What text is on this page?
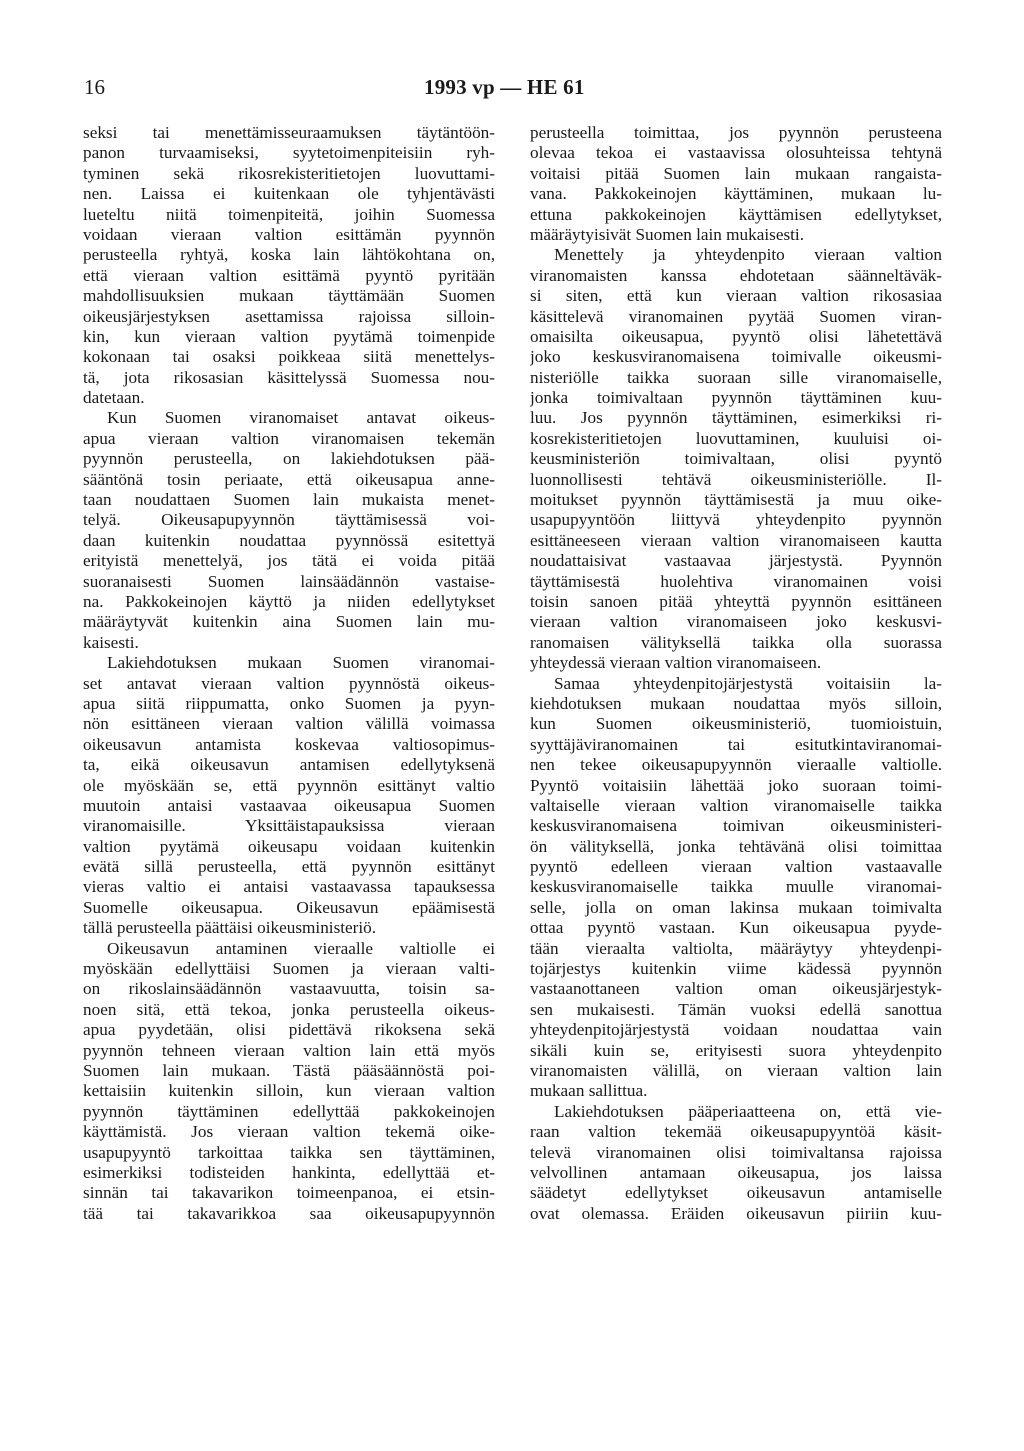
16	1993 vp — HE 61
seksi tai menettämisseuraamuksen täytäntöön-
panon turvaamiseksi, syytetoimenpiteisiin ryh-
tyminen sekä rikosrekisteritietojen luovuttami-
nen. Laissa ei kuitenkaan ole tyhjentävästi
lueteltu niitä toimenpiteitä, joihin Suomessa
voidaan vieraan valtion esittämän pyynnön
perusteella ryhtyä, koska lain lähtökohtana on,
että vieraan valtion esittämä pyyntö pyritään
mahdollisuuksien mukaan täyttämään Suomen
oikeusjärjestyksen asettamissa rajoissa silloin-
kin, kun vieraan valtion pyytämä toimenpide
kokonaan tai osaksi poikkeaa siitä menettelys-
tä, jota rikosasian käsittelyssä Suomessa nou-
datetaan.
Kun Suomen viranomaiset antavat oikeus-
apua vieraan valtion viranomaisen tekemän
pyynnön perusteella, on lakiehdotuksen pää-
sääntönä tosin periaate, että oikeusapua anne-
taan noudattaen Suomen lain mukaista menet-
telyä. Oikeusapupyynnön täyttämisessä voi-
daan kuitenkin noudattaa pyynnössä esitettyä
erityistä menettelyä, jos tätä ei voida pitää
suoranaisesti Suomen lainsäädännön vastaise-
na. Pakkokeinojen käyttö ja niiden edellytykset
määräytyvät kuitenkin aina Suomen lain mu-
kaisesti.
Lakiehdotuksen mukaan Suomen viranomai-
set antavat vieraan valtion pyynnöstä oikeus-
apua siitä riippumatta, onko Suomen ja pyyn-
nön esittäneen vieraan valtion välillä voimassa
oikeusavun antamista koskevaa valtiosopimus-
ta, eikä oikeusavun antamisen edellytyksenä
ole myöskään se, että pyynnön esittänyt valtio
muutoin antaisi vastaavaa oikeusapua Suomen
viranomaisille. Yksittäistapauksissa vieraan
valtion pyytämä oikeusapu voidaan kuitenkin
evätä sillä perusteella, että pyynnön esittänyt
vieras valtio ei antaisi vastaavassa tapauksessa
Suomelle oikeusapua. Oikeusavun epäämisestä
tällä perusteella päättäisi oikeusministeriö.
Oikeusavun antaminen vieraalle valtiolle ei
myöskään edellyttäisi Suomen ja vieraan valti-
on rikoslainsäädännön vastaavuutta, toisin sa-
noen sitä, että tekoa, jonka perusteella oikeus-
apua pyydetään, olisi pidettävä rikoksena sekä
pyynnön tehneen vieraan valtion lain että myös
Suomen lain mukaan. Tästä pääsäännöstä poi-
kettaisiin kuitenkin silloin, kun vieraan valtion
pyynnön täyttäminen edellyttää pakkokeinojen
käyttämistä. Jos vieraan valtion tekemä oike-
usapupyyntö tarkoittaa taikka sen täyttäminen,
esimerkiksi todisteiden hankinta, edellyttää et-
sinnän tai takavarikon toimeenpanoa, ei etsin-
tää tai takavarikkoa saa oikeusapupyynnön
perusteella toimittaa, jos pyynnön perusteena
olevaa tekoa ei vastaavissa olosuhteissa tehtynä
voitaisi pitää Suomen lain mukaan rangaista-
vana. Pakkokeinojen käyttäminen, mukaan lu-
ettuna pakkokeinojen käyttämisen edellytykset,
määräytyisivät Suomen lain mukaisesti.
Menettely ja yhteydenpito vieraan valtion
viranomaisten kanssa ehdotetaan säänneltäväk-
si siten, että kun vieraan valtion rikosasiaa
käsittelevä viranomainen pyytää Suomen viran-
omaisilta oikeusapua, pyyntö olisi lähetettävä
joko keskusviranomaisena toimivalle oikeusmi-
nisteriölle taikka suoraan sille viranomaiselle,
jonka toimivaltaan pyynnön täyttäminen kuu-
luu. Jos pyynnön täyttäminen, esimerkiksi ri-
kosrekisteritietojen luovuttaminen, kuuluisi oi-
keusministeriön toimivaltaan, olisi pyyntö
luonnollisesti tehtävä oikeusministeriölle. Il-
moitukset pyynnön täyttämisestä ja muu oike-
usapupyyntöön liittyvä yhteydenpito pyynnön
esittäneeseen vieraan valtion viranomaiseen kautta
noudattaisivat vastaavaa järjestystä. Pyynnön
täyttämisestä huolehtiva viranomainen voisi
toisin sanoen pitää yhteyttä pyynnön esittäneen
vieraan valtion viranomaiseen joko keskusvi-
ranomaisen välityksellä taikka olla suorassa
yhteydessä vieraan valtion viranomaiseen.
Samaa yhteydenpitojärjestystä voitaisiin la-
kiehdotuksen mukaan noudattaa myös silloin,
kun Suomen oikeusministeriö, tuomioistuin,
syyttäjäviranomainen tai esitutkintaviranomai-
nen tekee oikeusapupyynnön vieraalle valtiolle.
Pyyntö voitaisiin lähettää joko suoraan toimi-
valtaiselle vieraan valtion viranomaiselle taikka
keskusviranomaisena toimivan oikeusministeri-
ön välityksellä, jonka tehtävänä olisi toimittaa
pyyntö edelleen vieraan valtion vastaavalle
keskusviranomaiselle taikka muulle viranomai-
selle, jolla on oman lakinsa mukaan toimivalta
ottaa pyyntö vastaan. Kun oikeusapua pyyde-
tään vieraalta valtiolta, määräytyy yhteydenpi-
tojärjestys kuitenkin viime kädessä pyynnön
vastaanottaneen valtion oman oikeusjärjestyk-
sen mukaisesti. Tämän vuoksi edellä sanottua
yhteydenpitojärjestystä voidaan noudattaa vain
sikäli kuin se, erityisesti suora yhteydenpito
viranomaisten välillä, on vieraan valtion lain
mukaan sallittua.
Lakiehdotuksen pääperiaatteena on, että vie-
raan valtion tekemää oikeusapupyyntöä käsit-
televä viranomainen olisi toimivaltansa rajoissa
velvollinen antamaan oikeusapua, jos laissa
säädetyt edellytykset oikeusavun antamiselle
ovat olemassa. Eräiden oikeusavun piiriin kuu-
